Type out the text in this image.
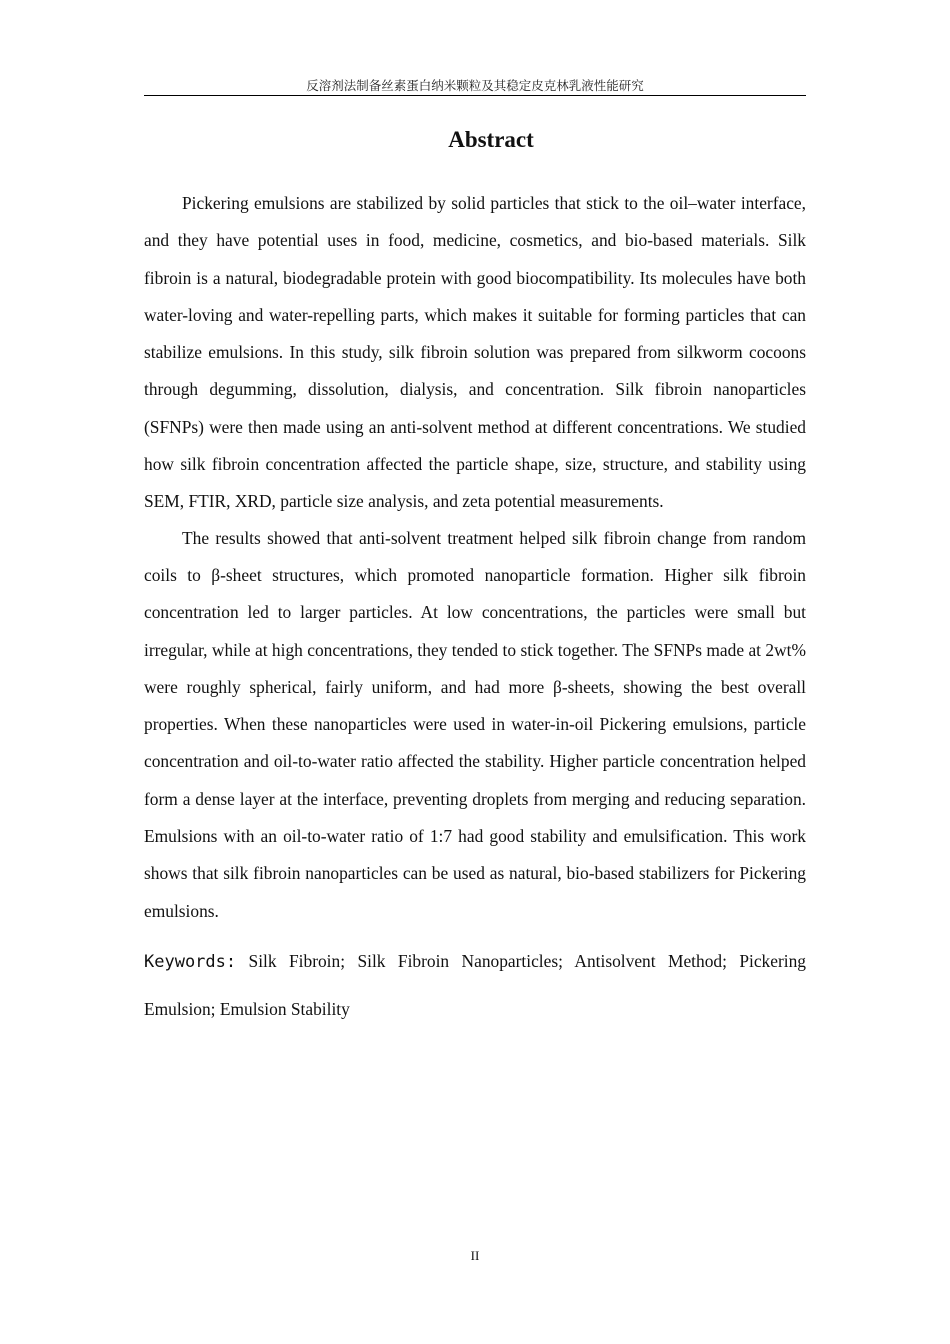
反溶剂法制备丝素蛋白纳米颗粒及其稳定皮克林乳液性能研究
Abstract

Pickering emulsions are stabilized by solid particles that stick to the oil–water interface, and they have potential uses in food, medicine, cosmetics, and bio-based materials. Silk fibroin is a natural, biodegradable protein with good biocompatibility. Its molecules have both water-loving and water-repelling parts, which makes it suitable for forming particles that can stabilize emulsions. In this study, silk fibroin solution was prepared from silkworm cocoons through degumming, dissolution, dialysis, and concentration. Silk fibroin nanoparticles (SFNPs) were then made using an anti-solvent method at different concentrations. We studied how silk fibroin concentration affected the particle shape, size, structure, and stability using SEM, FTIR, XRD, particle size analysis, and zeta potential measurements.

The results showed that anti-solvent treatment helped silk fibroin change from random coils to β-sheet structures, which promoted nanoparticle formation. Higher silk fibroin concentration led to larger particles. At low concentrations, the particles were small but irregular, while at high concentrations, they tended to stick together. The SFNPs made at 2wt% were roughly spherical, fairly uniform, and had more β-sheets, showing the best overall properties. When these nanoparticles were used in water-in-oil Pickering emulsions, particle concentration and oil-to-water ratio affected the stability. Higher particle concentration helped form a dense layer at the interface, preventing droplets from merging and reducing separation. Emulsions with an oil-to-water ratio of 1:7 had good stability and emulsification. This work shows that silk fibroin nanoparticles can be used as natural, bio-based stabilizers for Pickering emulsions.

Keywords: Silk Fibroin; Silk Fibroin Nanoparticles; Antisolvent Method; Pickering Emulsion; Emulsion Stability
II
